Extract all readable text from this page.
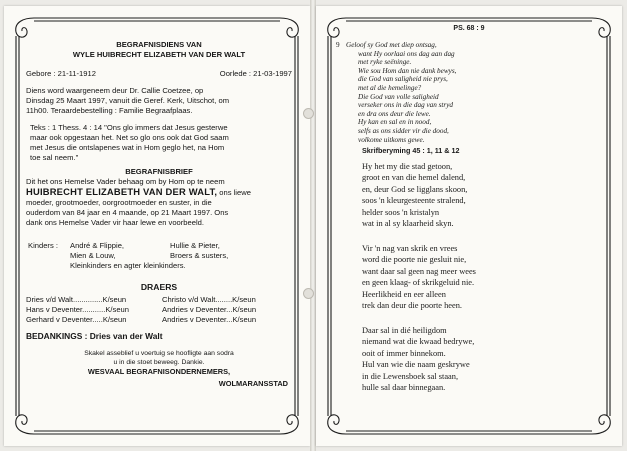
BEGRAFNISDIENS VAN
WYLE HUIBRECHT ELIZABETH VAN DER WALT
Gebore : 21-11-1912	Oorlede : 21-03-1997
Diens word waargeneem deur Dr. Callie Coetzee, op
Dinsdag 25 Maart 1997, vanuit die Geref. Kerk, Uitschot, om
11h00. Teraardebestelling : Familie Begraafplaas.
Teks : 1 Thess. 4 : 14 "Ons glo immers dat Jesus gesterwe
maar ook opgestaan het. Net so glo ons ook dat God saam
met Jesus die ontslapenes wat in Hom geglo het, na Hom
toe sal neem."
BEGRAFNISBRIEF
Dit het ons Hemelse Vader behaag om by Hom op te neem
HUIBRECHT ELIZABETH VAN DER WALT, ons liewe
moeder, grootmoeder, oorgrootmoeder en suster, in die
ouderdom van 84 jaar en 4 maande, op 21 Maart 1997. Ons
dank ons Hemelse Vader vir haar lewe en voorbeeld.
Kinders :	André & Flippie,	Hullie & Pieter,
Mien & Louw,	Broers & susters,
Kleinkinders en agter kleinkinders.
DRAERS
Dries v/d Walt..............K/seun	Christo v/d Walt........K/seun
Hans v Deventer...........K/seun	Andries v Deventer...K/seun
Gerhard v Deventer.....K/seun	Andries v Deventer...K/seun
BEDANKINGS : Dries van der Walt
Skakel asseblief u voertuig se hoofligte aan sodra
u in die stoet beweeg. Dankie.
WESVAAL BEGRAFNISONDERNEMERS,
WOLMARANSSTAD
PS. 68 : 9
9 Geloof sy God met diep ontsag,
want Hy oorlaai ons dag aan dag
met ryke seëninge.
Wie sou Hom dan nie dank bewys,
die God van saligheid nie prys,
met al die hemelinge?
Die God van volle saligheid
verseker ons in die dag van stryd
en dra ons deur die lewe.
Hy kan en sal en in nood,
selfs as ons sidder vir die dood,
volkome uitkoms gewe.
Skrifberyming 45 : 1, 11 & 12
Hy het my die stad getoon,
groot en van die hemel dalend,
en, deur God se ligglans skoon,
soos 'n kleurgesteente stralend,
helder soos 'n kristalyn
wat in al sy klaarheid skyn.
Vir 'n nag van skrik en vrees
word die poorte nie gesluit nie,
want daar sal geen nag meer wees
en geen klaag- of skrikgeluid nie.
Heerlikheid en eer alleen
trek dan deur die poorte heen.
Daar sal in dié heiligdom
niemand wat die kwaad bedrywe,
ooit of immer binnekom.
Hul van wie die naam geskrywe
in die Lewensboek sal staan,
hulle sal daar binnegaan.
